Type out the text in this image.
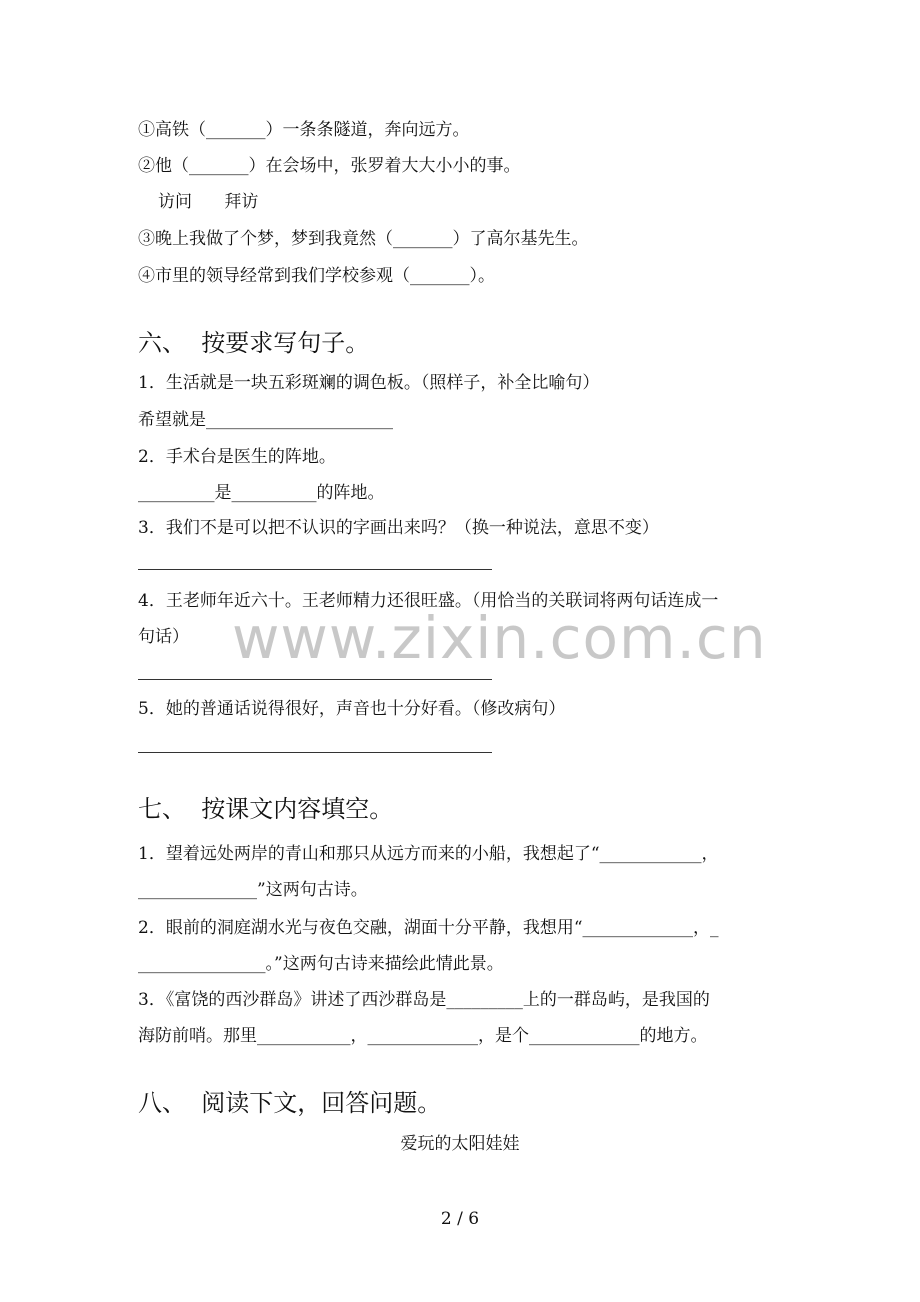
①高铁（_______）一条条隧道，奔向远方。
②他（_______）在会场中，张罗着大大小小的事。
访问      拜访
③晚上我做了个梦，梦到我竟然（_______）了高尔基先生。
④市里的领导经常到我们学校参观（_______）。
六、  按要求写句子。
1．生活就是一块五彩斑斓的调色板。（照样子，补全比喻句）
希望就是______________________
2．手术台是医生的阵地。
_________是__________的阵地。
3．我们不是可以把不认识的字画出来吗？（换一种说法，意思不变）
4．王老师年近六十。王老师精力还很旺盛。（用恰当的关联词将两句话连成一
句话）
5．她的普通话说得很好，声音也十分好看。（修改病句）
七、  按课文内容填空。
1．望着远处两岸的青山和那只从远方而来的小船，我想起了“____________，
______________”这两句古诗。
2．眼前的洞庭湖水光与夜色交融，湖面十分平静，我想用“_____________，_
_______________。”这两句古诗来描绘此情此景。
3．《富饶的西沙群岛》讲述了西沙群岛是_________上的一群岛屿，是我国的
海防前哨。那里___________，_____________，是个_____________的地方。
八、  阅读下文，回答问题。
爱玩的太阳娃娃
www.zixin.com.cn
2 / 6
